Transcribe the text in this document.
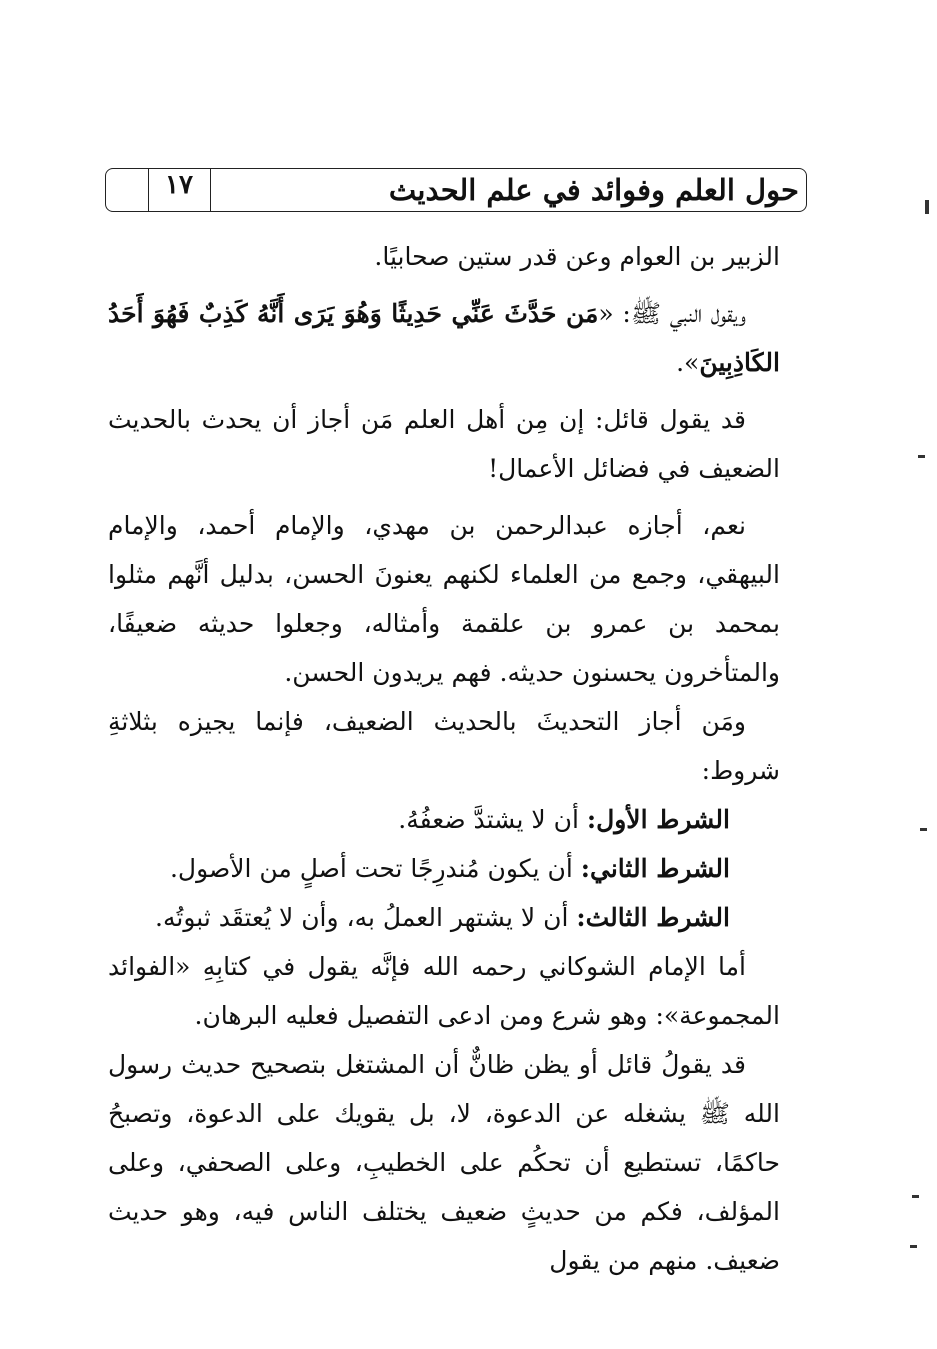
١٧	حول العلم وفوائد في علم الحديث

الزبير بن العوام وعن قدر ستين صحابيًا.

ويقول النبي ﷺ: «مَن حَدَّثَ عَنِّي حَدِيثًا وَهُوَ يَرَى أَنَّهُ كَذِبٌ فَهُوَ أَحَدُ الكَاذِبِينَ».

قد يقول قائل: إن مِن أهل العلم مَن أجاز أن يحدث بالحديث الضعيف في فضائل الأعمال!

نعم، أجازه عبدالرحمن بن مهدي، والإمام أحمد، والإمام البيهقي، وجمع من العلماء لكنهم يعنونَ الحسن، بدليل أنَّهم مثلوا بمحمد بن عمرو بن علقمة وأمثاله، وجعلوا حديثه ضعيفًا، والمتأخرون يحسنون حديثه. فهم يريدون الحسن.

ومَن أجاز التحديثَ بالحديث الضعيف، فإنما يجيزه بثلاثةِ شروط:

الشرط الأول: أن لا يشتدَّ ضعفُهُ.

الشرط الثاني: أن يكون مُندرِجًا تحت أصلٍ من الأصول.

الشرط الثالث: أن لا يشتهر العملُ به، وأن لا يُعتقَد ثبوتُه.

أما الإمام الشوكاني رحمه الله فإنَّه يقول في كتابِهِ «الفوائد المجموعة»: وهو شرع ومن ادعى التفصيل فعليه البرهان.

قد يقولُ قائل أو يظن ظانٌّ أن المشتغل بتصحيح حديث رسول الله ﷺ يشغله عن الدعوة، لا، بل يقويك على الدعوة، وتصبحُ حاكمًا، تستطيع أن تحكُم على الخطيبِ، وعلى الصحفي، وعلى المؤلف، فكم من حديثٍ ضعيف يختلف الناس فيه، وهو حديث ضعيف. منهم من يقول
